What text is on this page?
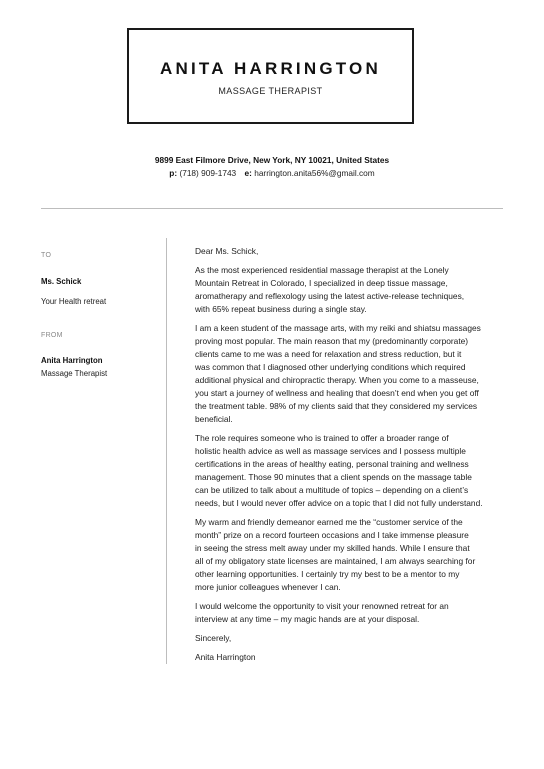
ANITA HARRINGTON
MASSAGE THERAPIST
9899 East Filmore Drive, New York, NY 10021, United States
p: (718) 909-1743 e: harrington.anita56%@gmail.com
TO
Ms. Schick
Your Health retreat
FROM
Anita Harrington
Massage Therapist

Dear Ms. Schick,

As the most experienced residential massage therapist at the Lonely
Mountain Retreat in Colorado, I specialized in deep tissue massage,
aromatherapy and reflexology using the latest active-release techniques,
with 65% repeat business during a single stay.

I am a keen student of the massage arts, with my reiki and shiatsu massages
proving most popular. The main reason that my (predominantly corporate)
clients came to me was a need for relaxation and stress reduction, but it
was common that I diagnosed other underlying conditions which required
additional physical and chiropractic therapy. When you come to a masseuse,
you start a journey of wellness and healing that doesn’t end when you get off
the treatment table. 98% of my clients said that they considered my services
beneficial.

The role requires someone who is trained to offer a broader range of
holistic health advice as well as massage services and I possess multiple
certifications in the areas of healthy eating, personal training and wellness
management. Those 90 minutes that a client spends on the massage table
can be utilized to talk about a multitude of topics – depending on a client’s
needs, but I would never offer advice on a topic that I did not fully understand.

My warm and friendly demeanor earned me the “customer service of the
month” prize on a record fourteen occasions and I take immense pleasure
in seeing the stress melt away under my skilled hands. While I ensure that
all of my obligatory state licenses are maintained, I am always searching for
other learning opportunities. I certainly try my best to be a mentor to my
more junior colleagues whenever I can.

I would welcome the opportunity to visit your renowned retreat for an
interview at any time – my magic hands are at your disposal.

Sincerely,

Anita Harrington
